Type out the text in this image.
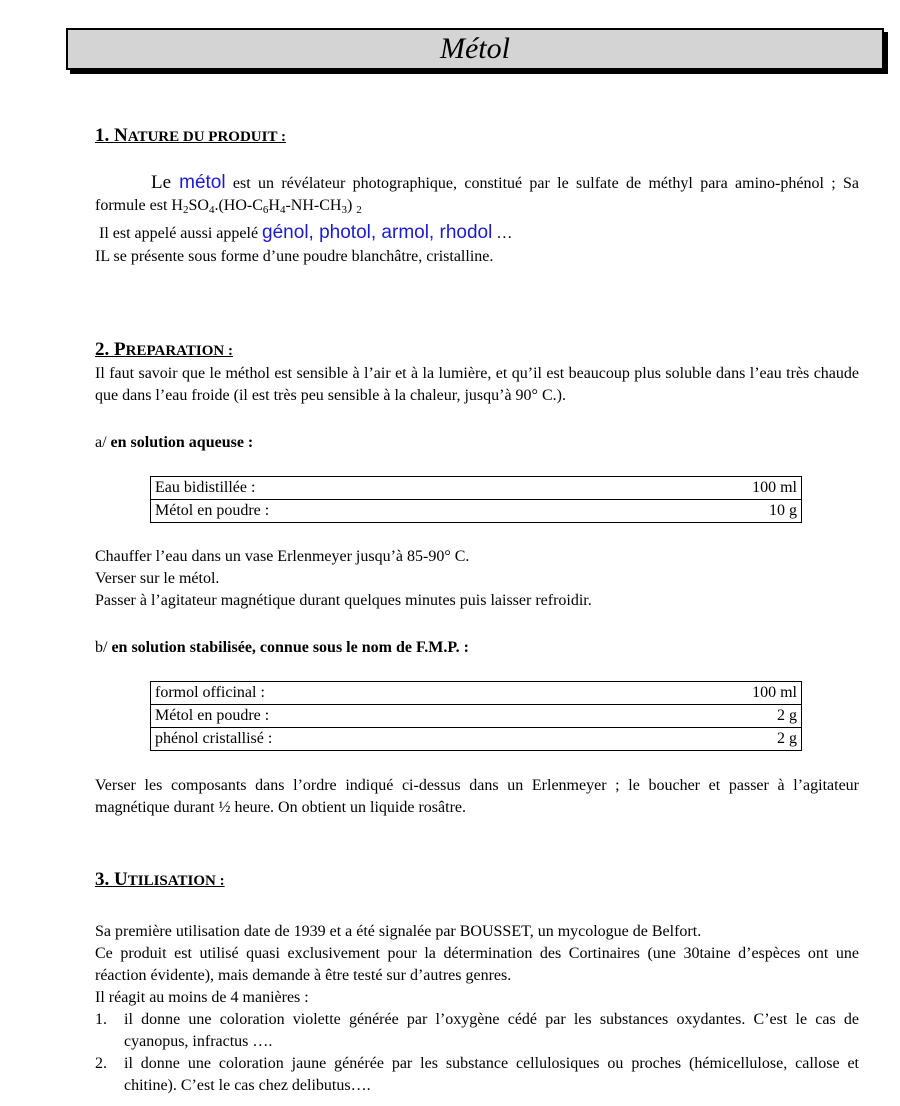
Métol
1. NATURE DU PRODUIT :
Le métol est un révélateur photographique, constitué par le sulfate de méthyl para amino-phénol ; Sa formule est $H_2SO_4.(HO-C_6H_4-NH-CH_3)$ $_2$
Il est appelé aussi appelé génol, photol, armol, rhodol …
IL se présente sous forme d’une poudre blanchâtre, cristalline.
2. PREPARATION :
Il faut savoir que le méthol est sensible à l’air et à la lumière, et qu’il est beaucoup plus soluble dans l’eau très chaude que dans l’eau froide (il est très peu sensible à la chaleur, jusqu’à 90° C.).
a/ en solution aqueuse :
Eau bidistillée :	100 ml
Métol en poudre :	10 g
Chauffer l’eau dans un vase Erlenmeyer jusqu’à 85-90° C.
Verser sur le métol.
Passer à l’agitateur magnétique durant quelques minutes puis laisser refroidir.
b/ en solution stabilisée, connue sous le nom de F.M.P. :
formol officinal :	100 ml
Métol en poudre :	2 g
phénol cristallisé :	2 g
Verser les composants dans l’ordre indiqué ci-dessus dans un Erlenmeyer ; le boucher et passer à l’agitateur magnétique durant ½ heure. On obtient un liquide rosâtre.
3. UTILISATION :
Sa première utilisation date de 1939 et a été signalée par BOUSSET, un mycologue de Belfort.
Ce produit est utilisé quasi exclusivement pour la détermination des Cortinaires (une 30taine d’espèces ont une réaction évidente), mais demande à être testé sur d’autres genres.
Il réagit au moins de 4 manières :
1. il donne une coloration violette générée par l’oxygène cédé par les substances oxydantes. C’est le cas de cyanopus, infractus ….
2. il donne une coloration jaune générée par les substance cellulosiques ou proches (hémicellulose, callose et chitine). C’est le cas chez delibutus….
